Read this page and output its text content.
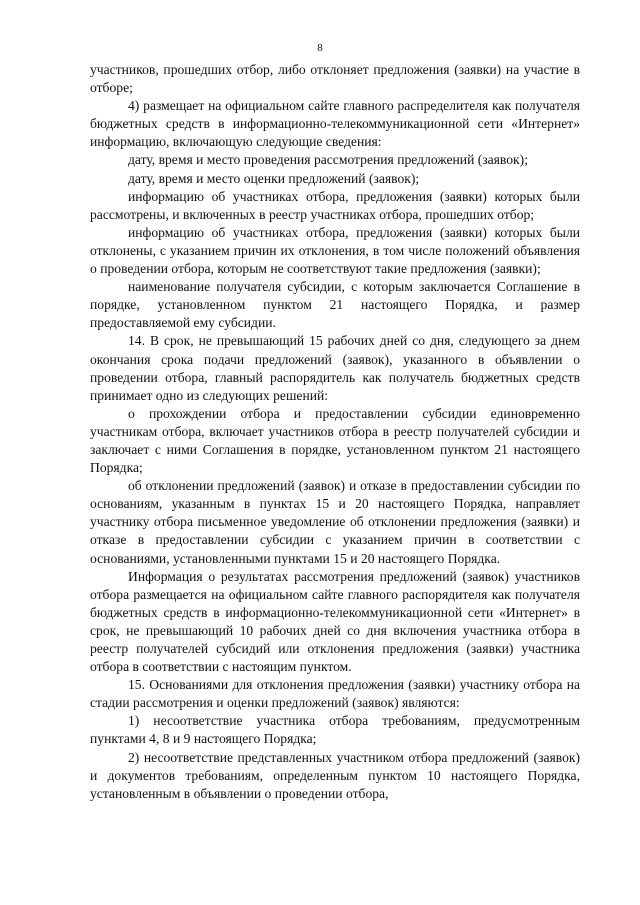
8

участников, прошедших отбор, либо отклоняет предложения (заявки) на участие в отборе;

4) размещает на официальном сайте главного распределителя как получателя бюджетных средств в информационно-телекоммуникационной сети «Интернет» информацию, включающую следующие сведения:

дату, время и место проведения рассмотрения предложений (заявок);

дату, время и место оценки предложений (заявок);

информацию об участниках отбора, предложения (заявки) которых были рассмотрены, и включенных в реестр участниках отбора, прошедших отбор;

информацию об участниках отбора, предложения (заявки) которых были отклонены, с указанием причин их отклонения, в том числе положений объявления о проведении отбора, которым не соответствуют такие предложения (заявки);

наименование получателя субсидии, с которым заключается Соглашение в порядке, установленном пунктом 21 настоящего Порядка, и размер предоставляемой ему субсидии.

14. В срок, не превышающий 15 рабочих дней со дня, следующего за днем окончания срока подачи предложений (заявок), указанного в объявлении о проведении отбора, главный распорядитель как получатель бюджетных средств принимает одно из следующих решений:

о прохождении отбора и предоставлении субсидии единовременно участникам отбора, включает участников отбора в реестр получателей субсидии и заключает с ними Соглашения в порядке, установленном пунктом 21 настоящего Порядка;

об отклонении предложений (заявок) и отказе в предоставлении субсидии по основаниям, указанным в пунктах 15 и 20 настоящего Порядка, направляет участнику отбора письменное уведомление об отклонении предложения (заявки) и отказе в предоставлении субсидии с указанием причин в соответствии с основаниями, установленными пунктами 15 и 20 настоящего Порядка.

Информация о результатах рассмотрения предложений (заявок) участников отбора размещается на официальном сайте главного распорядителя как получателя бюджетных средств в информационно-телекоммуникационной сети «Интернет» в срок, не превышающий 10 рабочих дней со дня включения участника отбора в реестр получателей субсидий или отклонения предложения (заявки) участника отбора в соответствии с настоящим пунктом.

15. Основаниями для отклонения предложения (заявки) участнику отбора на стадии рассмотрения и оценки предложений (заявок) являются:

1) несоответствие участника отбора требованиям, предусмотренным пунктами 4, 8 и 9 настоящего Порядка;

2) несоответствие представленных участником отбора предложений (заявок) и документов требованиям, определенным пунктом 10 настоящего Порядка, установленным в объявлении о проведении отбора,
